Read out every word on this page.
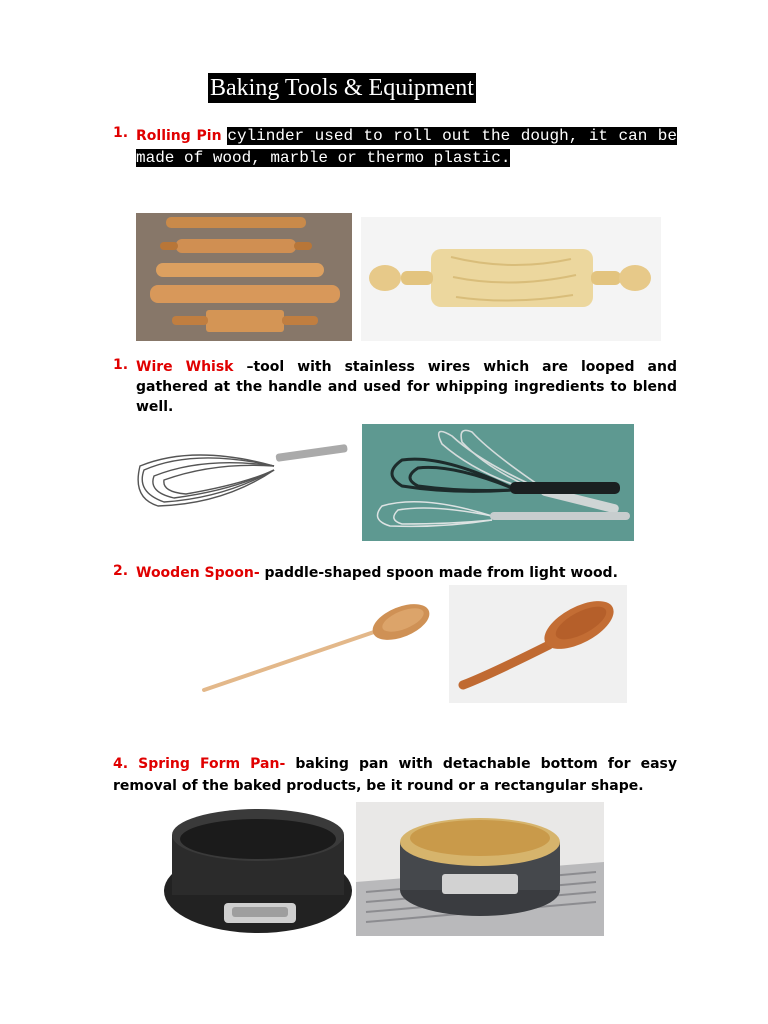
Baking Tools & Equipment
1. Rolling Pin cylinder used to roll out the dough, it can be made of wood, marble or thermo plastic.
1. Wire Whisk –tool with stainless wires which are looped and gathered at the handle and used for whipping ingredients to blend well.
2. Wooden Spoon- paddle-shaped spoon made from light wood.
4. Spring Form Pan- baking pan with detachable bottom for easy removal of the baked products, be it round or a rectangular shape.
